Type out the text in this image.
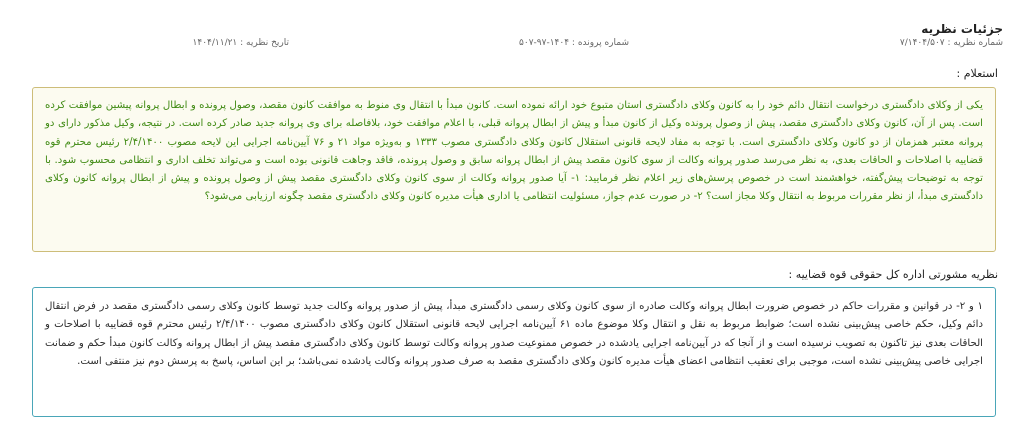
جزئیات نظریه
شماره نظریه : ۷/۱۴۰۴/۵۰۷
شماره پرونده : ۱۴۰۴-۹۷-۵۰۷
تاریخ نظریه : ۱۴۰۴/۱۱/۲۱
استعلام :
یکی از وکلای دادگستری درخواست انتقال دائم خود را به کانون وکلای دادگستری استان متبوع خود ارائه نموده است. کانون مبدأ با انتقال وی منوط به موافقت کانون مقصد، وصول پرونده و ابطال پروانه پیشین موافقت کرده است. پس از آن، کانون وکلای دادگستری مقصد، پیش از وصول پرونده وکیل از کانون مبدأ و پیش از ابطال پروانه قبلی، با اعلام موافقت خود، بلافاصله برای وی پروانه جدید صادر کرده است. در نتیجه، وکیل مذکور دارای دو پروانه معتبر همزمان از دو کانون وکلای دادگستری است. با توجه به مفاد لایحه قانونی استقلال کانون وکلای دادگستری مصوب ۱۳۳۳ و بەویژه مواد ۲۱ و ۷۶ آیین‌نامه اجرایی این لایحه مصوب ۲/۴/۱۴۰۰ رئیس محترم قوه قضاییه با اصلاحات و الحاقات بعدی، به نظر می‌رسد صدور پروانه وکالت از سوی کانون مقصد پیش از ابطال پروانه سابق و وصول پرونده، فاقد وجاهت قانونی بوده است و می‌تواند تخلف اداری و انتظامی محسوب شود. با توجه به توضیحات پیش‌گفته، خواهشمند است در خصوص پرسش‌های زیر اعلام نظر فرمایید: ۱- آیا صدور پروانه وکالت از سوی کانون وکلای دادگستری مقصد پیش از وصول پرونده و پیش از ابطال پروانه کانون وکلای دادگستری مبدأ، از نظر مقررات مربوط به انتقال وکلا مجاز است؟ ۲- در صورت عدم جواز، مسئولیت انتظامی یا اداری هیأت مدیره کانون وکلای دادگستری مقصد چگونه ارزیابی می‌شود؟
نظریه مشورتی اداره کل حقوقی قوه قضاییه :
۱ و ۲- در قوانین و مقررات حاکم در خصوص ضرورت ابطال پروانه وکالت صادره از سوی کانون وکلای رسمی دادگستری مبدأ، پیش از صدور پروانه وکالت جدید توسط کانون وکلای رسمی دادگستری مقصد در فرض انتقال دائم وکیل، حکم خاصی پیش‌بینی نشده است؛ ضوابط مربوط به نقل و انتقال وکلا موضوع ماده ۶۱ آیین‌نامه اجرایی لایحه قانونی استقلال کانون وکلای دادگستری مصوب ۲/۴/۱۴۰۰ رئیس محترم قوه قضاییه با اصلاحات و الحاقات بعدی نیز تاکنون به تصویب نرسیده است و از آنجا که در آیین‌نامه اجرایی یادشده در خصوص ممنوعیت صدور پروانه وکالت توسط کانون وکلای دادگستری مقصد پیش از ابطال پروانه وکالت کانون مبدأ حکم و ضمانت اجرایی خاصی پیش‌بینی نشده است، موجبی برای تعقیب انتظامی اعضای هیأت مدیره کانون وکلای دادگستری مقصد به صرف صدور پروانه وکالت یادشده نمی‌باشد؛ بر این اساس، پاسخ به پرسش دوم نیز منتفی است.
